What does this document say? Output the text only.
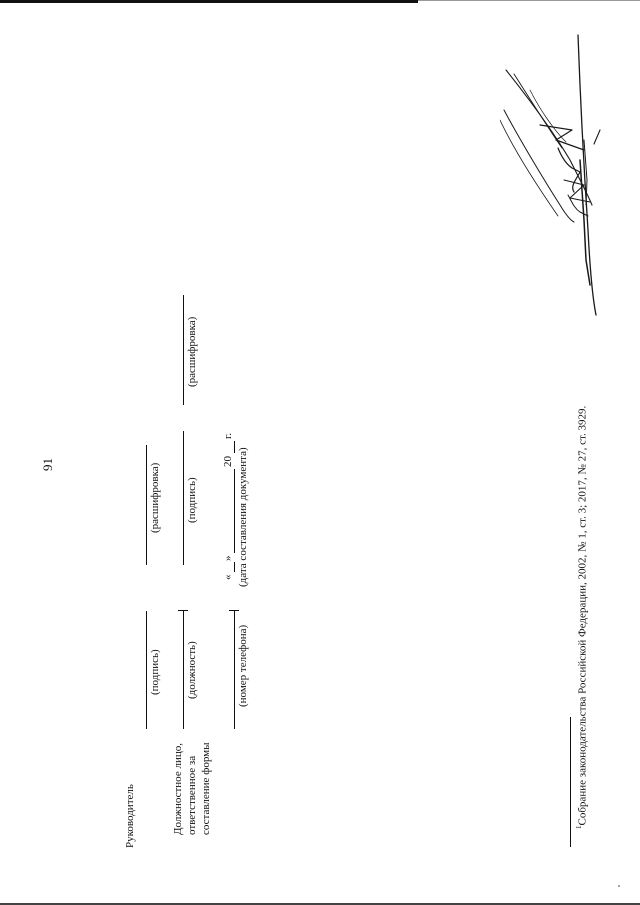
91
Руководитель
(подпись)
(расшифровка)
Должностное лицо, ответственное за составление формы
(должность)
(подпись)
(расшифровка)
(номер телефона)
«
»
20
г.
(дата составления документа)
$^1$Собрание законодательства Российской Федерации, 2002, № 1, ст. 3; 2017, № 27, ст. 3929.
